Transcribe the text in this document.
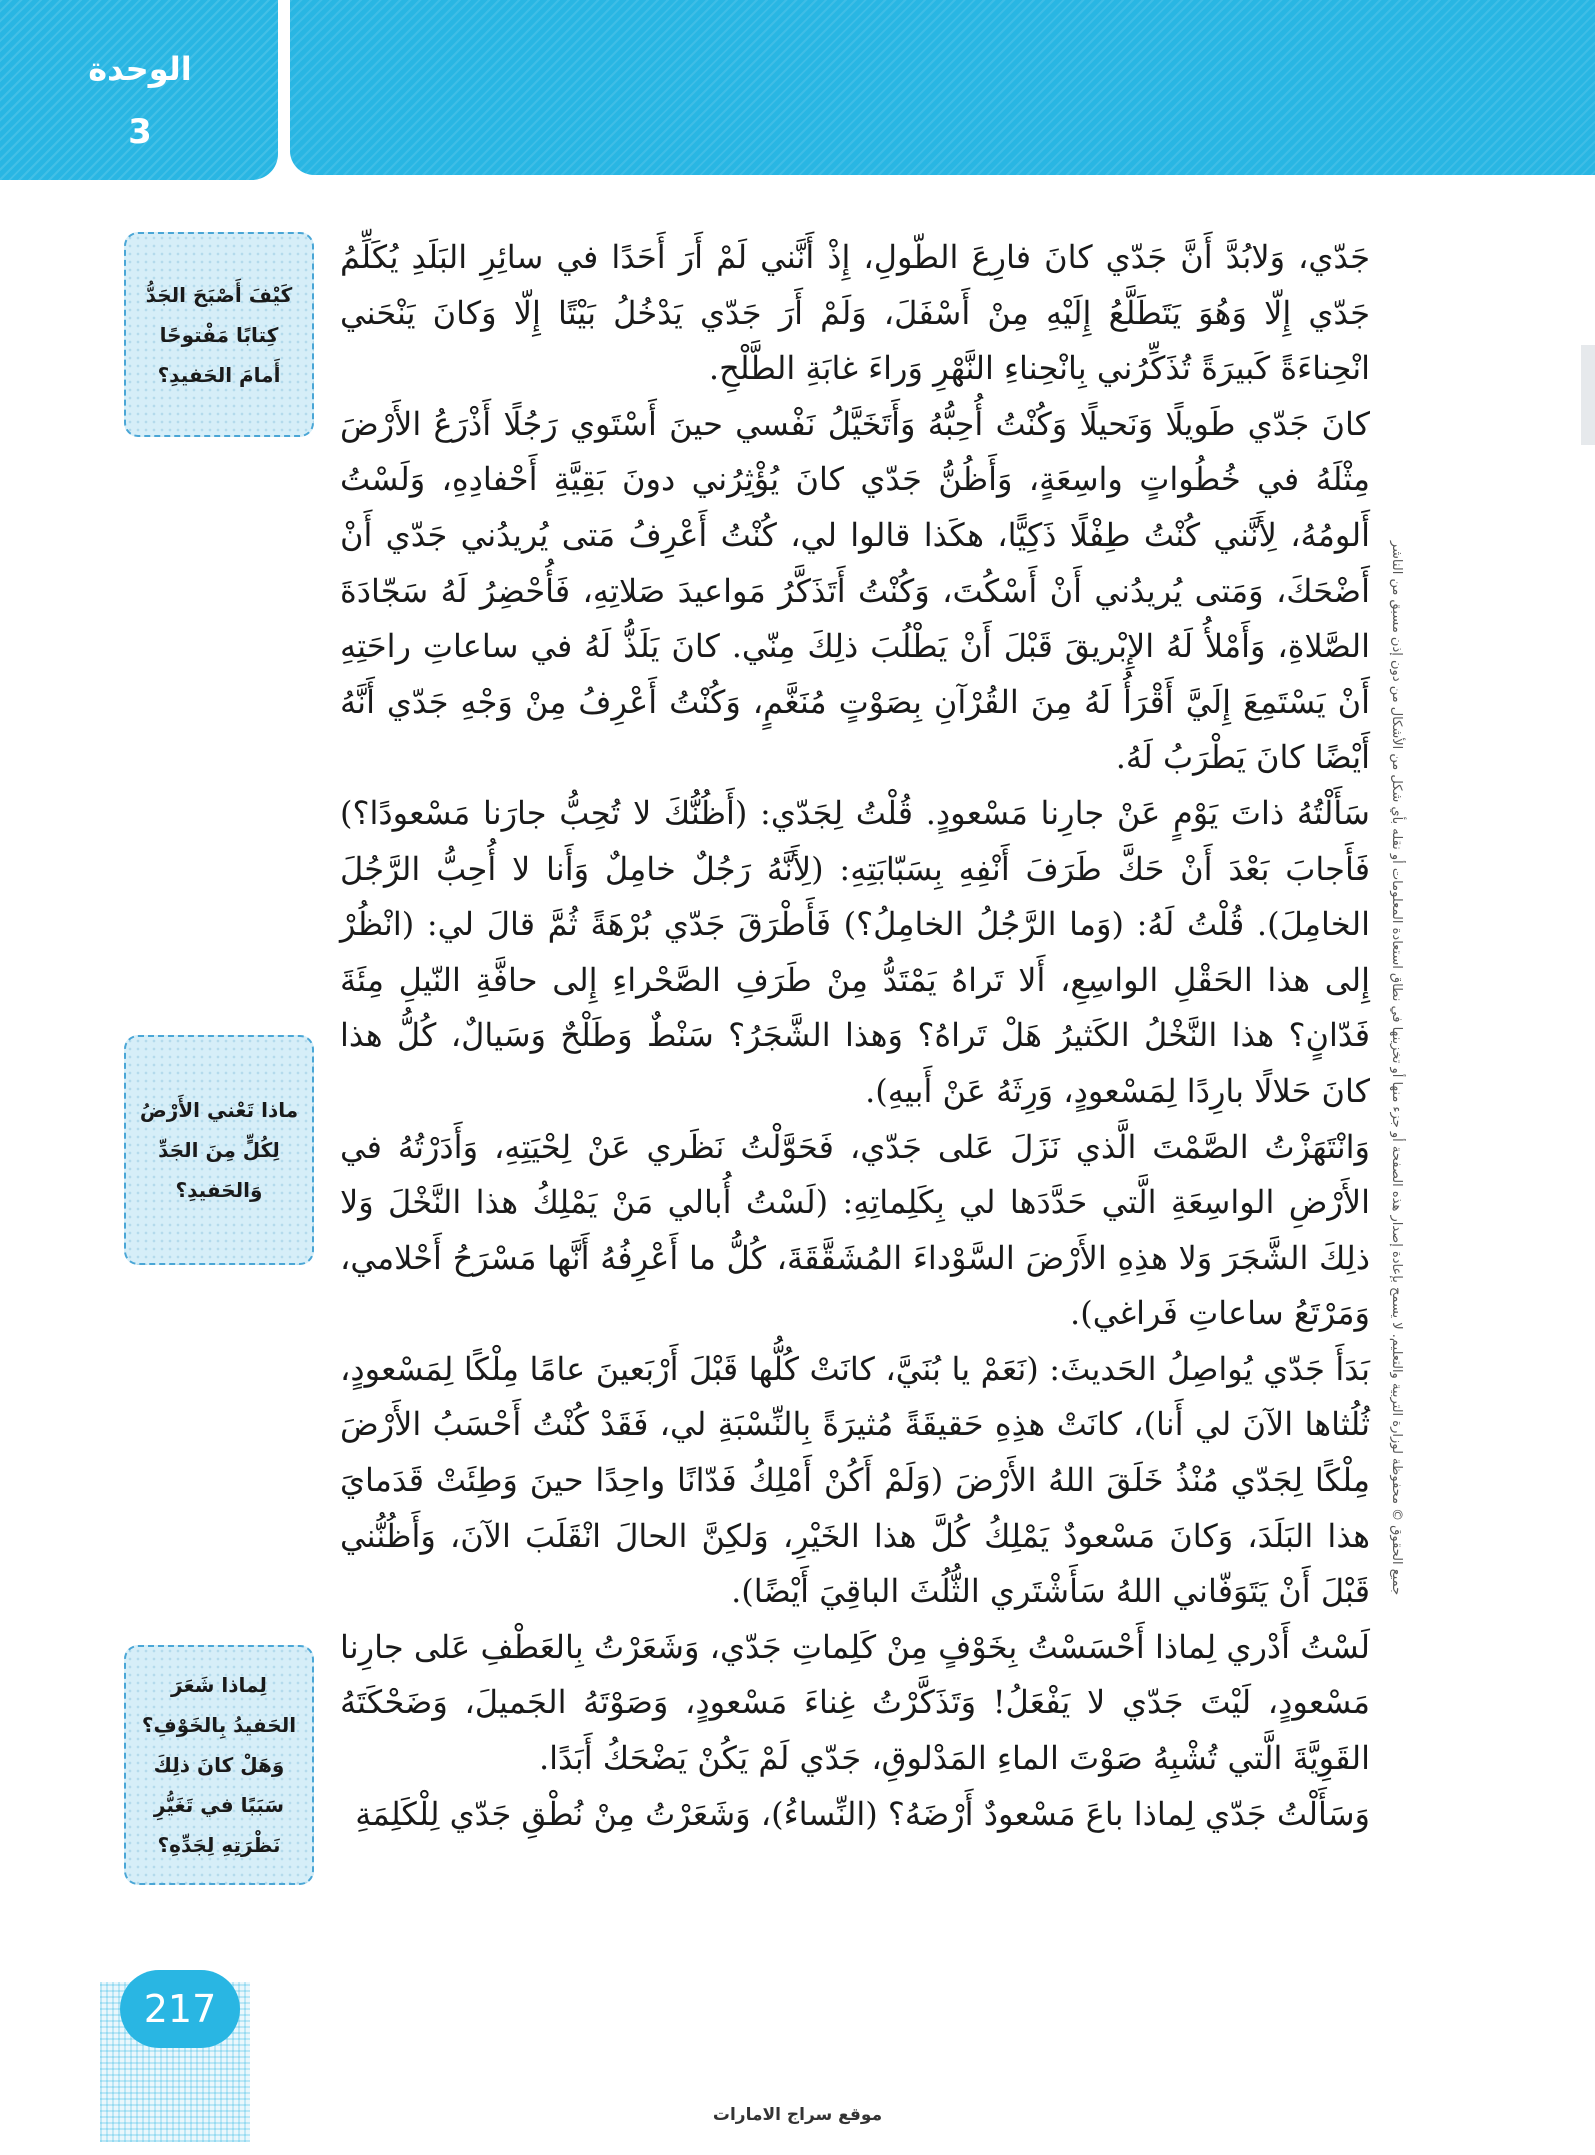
الوحدة
3
جميع الحقوق © محفوظة لوزارة التربية والتعليم. لا يسمح بإعادة إصدار هذه الصفحة أو جزء منها أو تخزينها في نطاق استعادة المعلومات أو نقله بأي شكل من الأشكال من دون إذن مسبق من الناشر

جَدّي، وَلابُدَّ أَنَّ جَدّي كانَ فارِعَ الطّولِ، إِذْ أَنَّني لَمْ أَرَ أَحَدًا في سائِرِ البَلَدِ يُكَلِّمُ جَدّي إِلّا وَهُوَ يَتَطَلَّعُ إِلَيْهِ مِنْ أَسْفَلَ، وَلَمْ أَرَ جَدّي يَدْخُلُ بَيْتًا إِلّا وَكانَ يَنْحَني انْحِناءَةً كَبيرَةً تُذَكِّرُني بِانْحِناءِ النَّهْرِ وَراءَ غابَةِ الطَّلْحِ.

كانَ جَدّي طَويلًا وَنَحيلًا وَكُنْتُ أُحِبُّهُ وَأَتَخَيَّلُ نَفْسي حينَ أَسْتَوي رَجُلًا أَذْرَعُ الأَرْضَ مِثْلَهُ في خُطُواتٍ واسِعَةٍ، وَأَظُنُّ جَدّي كانَ يُؤْثِرُني دونَ بَقِيَّةِ أَحْفادِهِ، وَلَسْتُ أَلومُهُ، لِأَنَّني كُنْتُ طِفْلًا ذَكِيًّا، هكَذا قالوا لي، كُنْتُ أَعْرِفُ مَتى يُريدُني جَدّي أَنْ أَضْحَكَ، وَمَتى يُريدُني أَنْ أَسْكُتَ، وَكُنْتُ أَتَذَكَّرُ مَواعيدَ صَلاتِهِ، فَأُحْضِرُ لَهُ سَجّادَةَ الصَّلاةِ، وَأَمْلأُ لَهُ الإِبْريقَ قَبْلَ أَنْ يَطْلُبَ ذلِكَ مِنّي. كانَ يَلَذُّ لَهُ في ساعاتِ راحَتِهِ أَنْ يَسْتَمِعَ إِلَيَّ أَقْرَأُ لَهُ مِنَ القُرْآنِ بِصَوْتٍ مُنَغَّمٍ، وَكُنْتُ أَعْرِفُ مِنْ وَجْهِ جَدّي أَنَّهُ أَيْضًا كانَ يَطْرَبُ لَهُ.

سَأَلْتُهُ ذاتَ يَوْمٍ عَنْ جارِنا مَسْعودٍ. قُلْتُ لِجَدّي: (أَظُنُّكَ لا تُحِبُّ جارَنا مَسْعودًا؟) فَأَجابَ بَعْدَ أَنْ حَكَّ طَرَفَ أَنْفِهِ بِسَبّابَتِهِ: (لِأَنَّهُ رَجُلٌ خامِلٌ وَأَنا لا أُحِبُّ الرَّجُلَ الخامِلَ). قُلْتُ لَهُ: (وَما الرَّجُلُ الخامِلُ؟) فَأَطْرَقَ جَدّي بُرْهَةً ثُمَّ قالَ لي: (انْظُرْ إِلى هذا الحَقْلِ الواسِعِ، أَلا تَراهُ يَمْتَدُّ مِنْ طَرَفِ الصَّحْراءِ إِلى حافَّةِ النّيلِ مِئَةَ فَدّانٍ؟ هذا النَّخْلُ الكَثيرُ هَلْ تَراهُ؟ وَهذا الشَّجَرُ؟ سَنْطٌ وَطَلْحٌ وَسَيالٌ، كُلُّ هذا كانَ حَلالًا بارِدًا لِمَسْعودٍ، وَرِثَهُ عَنْ أَبيهِ).

وَانْتَهَزْتُ الصَّمْتَ الَّذي نَزَلَ عَلى جَدّي، فَحَوَّلْتُ نَظَري عَنْ لِحْيَتِهِ، وَأَدَرْتُهُ في الأَرْضِ الواسِعَةِ الَّتي حَدَّدَها لي بِكَلِماتِهِ: (لَسْتُ أُبالي مَنْ يَمْلِكُ هذا النَّخْلَ وَلا ذلِكَ الشَّجَرَ وَلا هذِهِ الأَرْضَ السَّوْداءَ المُشَقَّقَةَ، كُلُّ ما أَعْرِفُهُ أَنَّها مَسْرَحُ أَحْلامي، وَمَرْتَعُ ساعاتِ فَراغي).

بَدَأَ جَدّي يُواصِلُ الحَديثَ: (نَعَمْ يا بُنَيَّ، كانَتْ كُلُّها قَبْلَ أَرْبَعينَ عامًا مِلْكًا لِمَسْعودٍ، ثُلُثاها الآنَ لي أَنا)، كانَتْ هذِهِ حَقيقَةً مُثيرَةً بِالنِّسْبَةِ لي، فَقَدْ كُنْتُ أَحْسَبُ الأَرْضَ مِلْكًا لِجَدّي مُنْذُ خَلَقَ اللهُ الأَرْضَ (وَلَمْ أَكُنْ أَمْلِكُ فَدّانًا واحِدًا حينَ وَطِئَتْ قَدَمايَ هذا البَلَدَ، وَكانَ مَسْعودٌ يَمْلِكُ كُلَّ هذا الخَيْرِ، وَلكِنَّ الحالَ انْقَلَبَ الآنَ، وَأَظُنُّني قَبْلَ أَنْ يَتَوَفّاني اللهُ سَأَشْتَري الثُّلُثَ الباقِيَ أَيْضًا).

لَسْتُ أَدْري لِماذا أَحْسَسْتُ بِخَوْفٍ مِنْ كَلِماتِ جَدّي، وَشَعَرْتُ بِالعَطْفِ عَلى جارِنا مَسْعودٍ، لَيْتَ جَدّي لا يَفْعَلُ! وَتَذَكَّرْتُ غِناءَ مَسْعودٍ، وَصَوْتَهُ الجَميلَ، وَضَحْكَتَهُ القَوِيَّةَ الَّتي تُشْبِهُ صَوْتَ الماءِ المَدْلوقِ، جَدّي لَمْ يَكُنْ يَضْحَكُ أَبَدًا.

وَسَأَلْتُ جَدّي لِماذا باعَ مَسْعودٌ أَرْضَهُ؟ (النِّساءُ)، وَشَعَرْتُ مِنْ نُطْقِ جَدّي لِلْكَلِمَةِ

كَيْفَ أَصْبَحَ الجَدُّ كِتابًا مَفْتوحًا أَمامَ الحَفيدِ؟
ماذا تَعْني الأَرْضُ لِكُلٍّ مِنَ الجَدِّ وَالحَفيدِ؟
لِماذا شَعَرَ الحَفيدُ بِالخَوْفِ؟ وَهَلْ كانَ ذلِكَ سَبَبًا في تَغَيُّرِ نَظْرَتِهِ لِجَدِّهِ؟
217
موقع سراج الامارات
